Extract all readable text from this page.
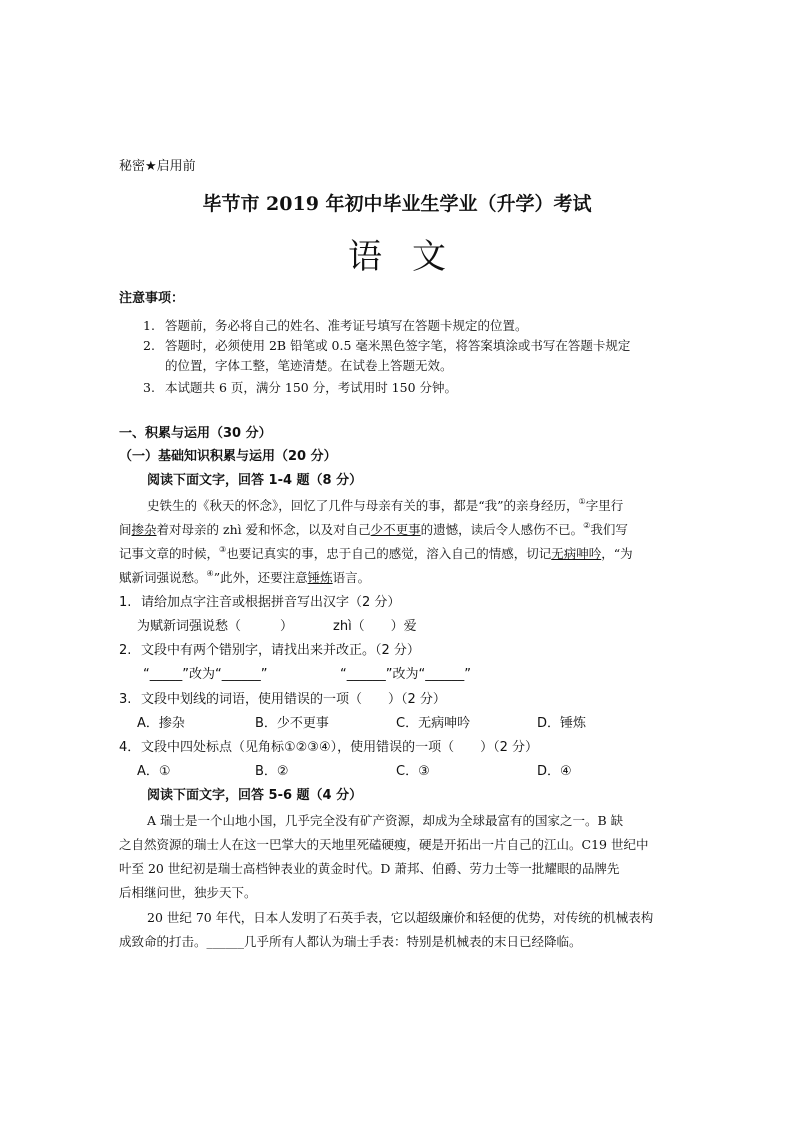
秘密★启用前
毕节市 2019 年初中毕业生学业（升学）考试
语文
注意事项：
1. 答题前，务必将自己的姓名、准考证号填写在答题卡规定的位置。
2. 答题时，必须使用 2B 铅笔或 0.5 毫米黑色签字笔，将答案填涂或书写在答题卡规定
的位置，字体工整，笔迹清楚。在试卷上答题无效。
3. 本试题共 6 页，满分 150 分，考试用时 150 分钟。
一、积累与运用（30 分）
（一）基础知识积累与运用（20 分）
阅读下面文字，回答 1-4 题（8 分）
史铁生的《秋天的怀念》，回忆了几件与母亲有关的事，都是“我”的亲身经历，①字里行
间掺杂着对母亲的 zhì 爱和怀念，以及对自己少不更事的遗憾，读后令人感伤不已。②我们写
记事文章的时候，③也要记真实的事，忠于自己的感觉，溶入自己的情感，切记无病呻吟，“为
赋新词强说愁。④”此外，还要注意锤炼语言。
1. 请给加点字注音或根据拼音写出汉字（2 分）
为赋新词强说愁（　　　）	zhì（　　）爱
2. 文段中有两个错别字，请找出来并改正。（2 分）
“_____”改为“______”	“______”改为“______”
3. 文段中划线的词语，使用错误的一项（　　）（2 分）
A．掺杂	B．少不更事	C．无病呻吟	D．锤炼
4．文段中四处标点（见角标①②③④），使用错误的一项（　　）（2 分）
A．①	B．②	C．③	D．④
阅读下面文字，回答 5-6 题（4 分）
A 瑞士是一个山地小国，几乎完全没有矿产资源，却成为全球最富有的国家之一。B 缺
之自然资源的瑞士人在这一巴掌大的天地里死磕硬瘦，硬是开拓出一片自己的江山。C19 世纪中
叶至 20 世纪初是瑞士高档钟表业的黄金时代。D 萧邦、伯爵、劳力士等一批耀眼的品牌先
后相继问世，独步天下。
20 世纪 70 年代，日本人发明了石英手表，它以超级廉价和轻便的优势，对传统的机械表构
成致命的打击。______几乎所有人都认为瑞士手表：特别是机械表的末日已经降临。
